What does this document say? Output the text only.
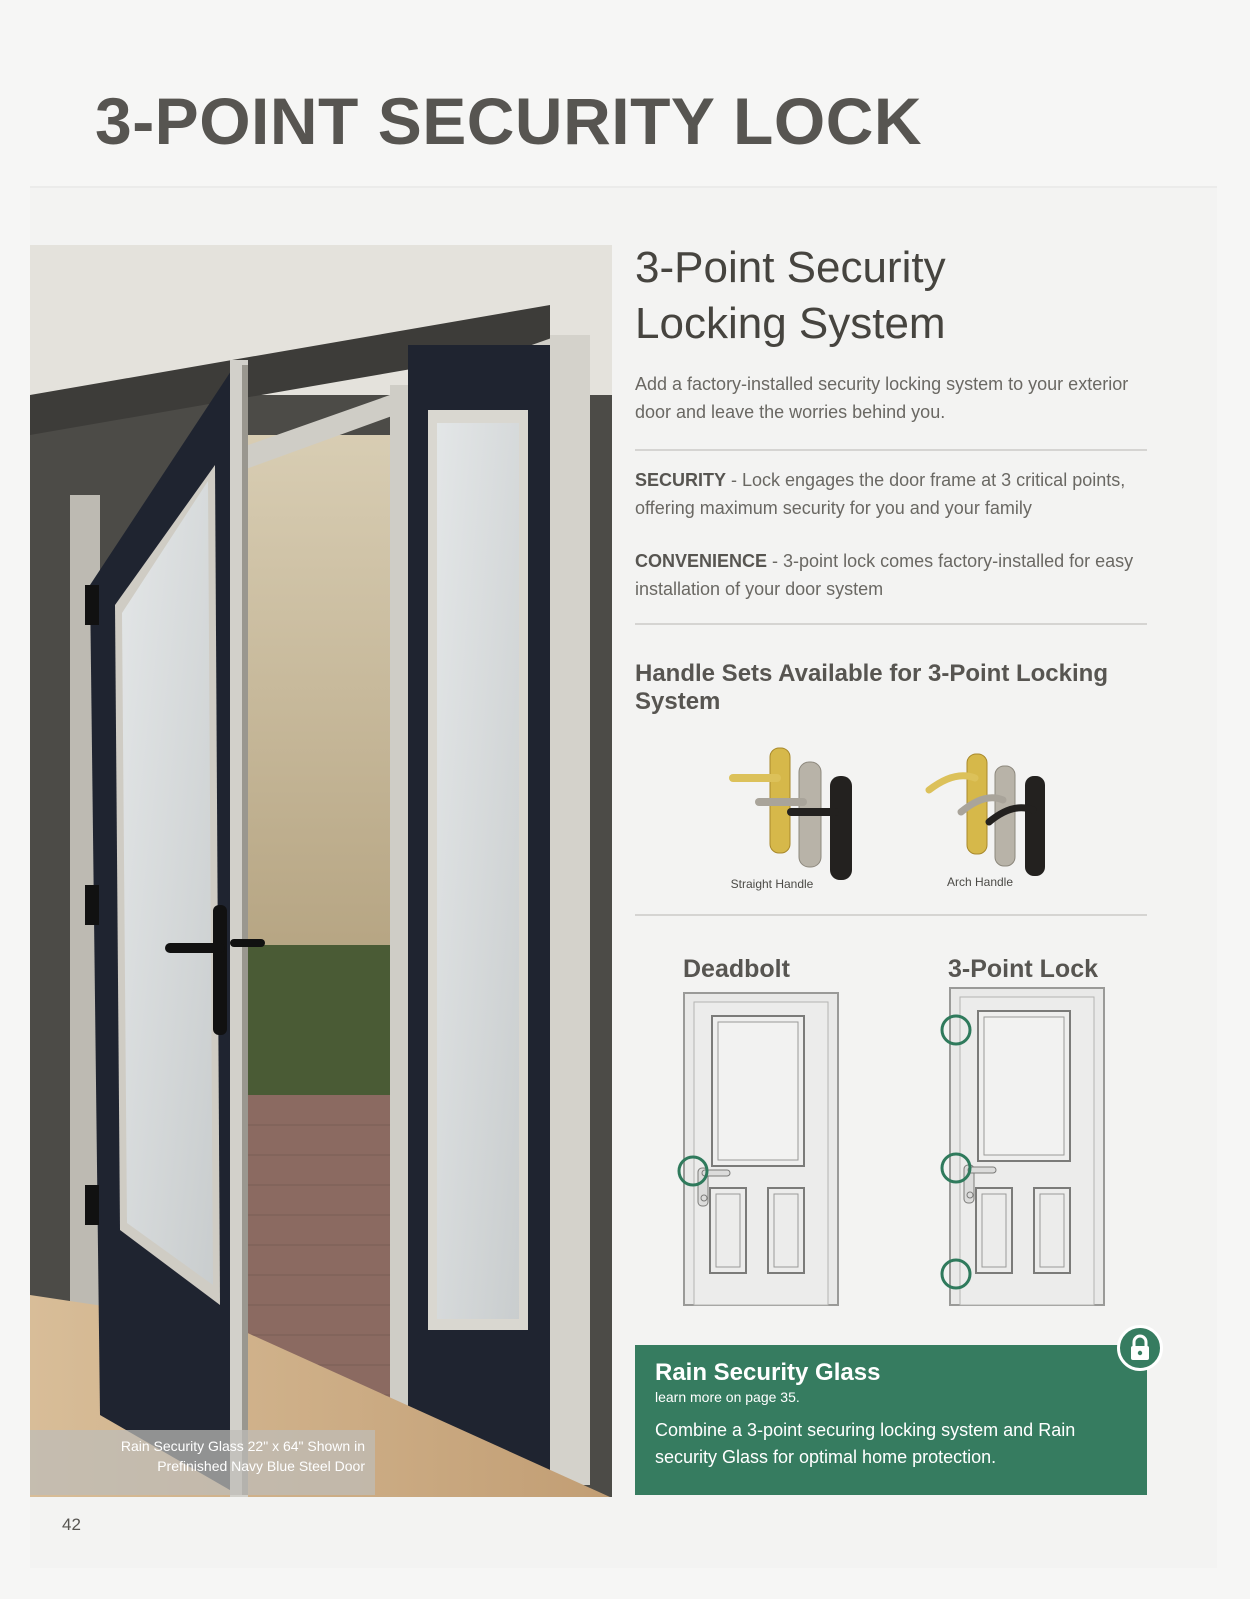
3-POINT SECURITY LOCK
Rain Security Glass 22" x 64" Shown in
Prefinished Navy Blue Steel Door
3-Point Security
Locking System

Add a factory-installed security locking system to your exterior door and leave the worries behind you.

SECURITY - Lock engages the door frame at 3 critical points, offering maximum security for you and your family

CONVENIENCE - 3-point lock comes factory-installed for easy installation of your door system

Handle Sets Available for 3-Point Locking System
Straight Handle	Arch Handle
Deadbolt	3-Point Lock
Rain Security Glass
learn more on page 35.
Combine a 3-point securing locking system and Rain security Glass for optimal home protection.
42
